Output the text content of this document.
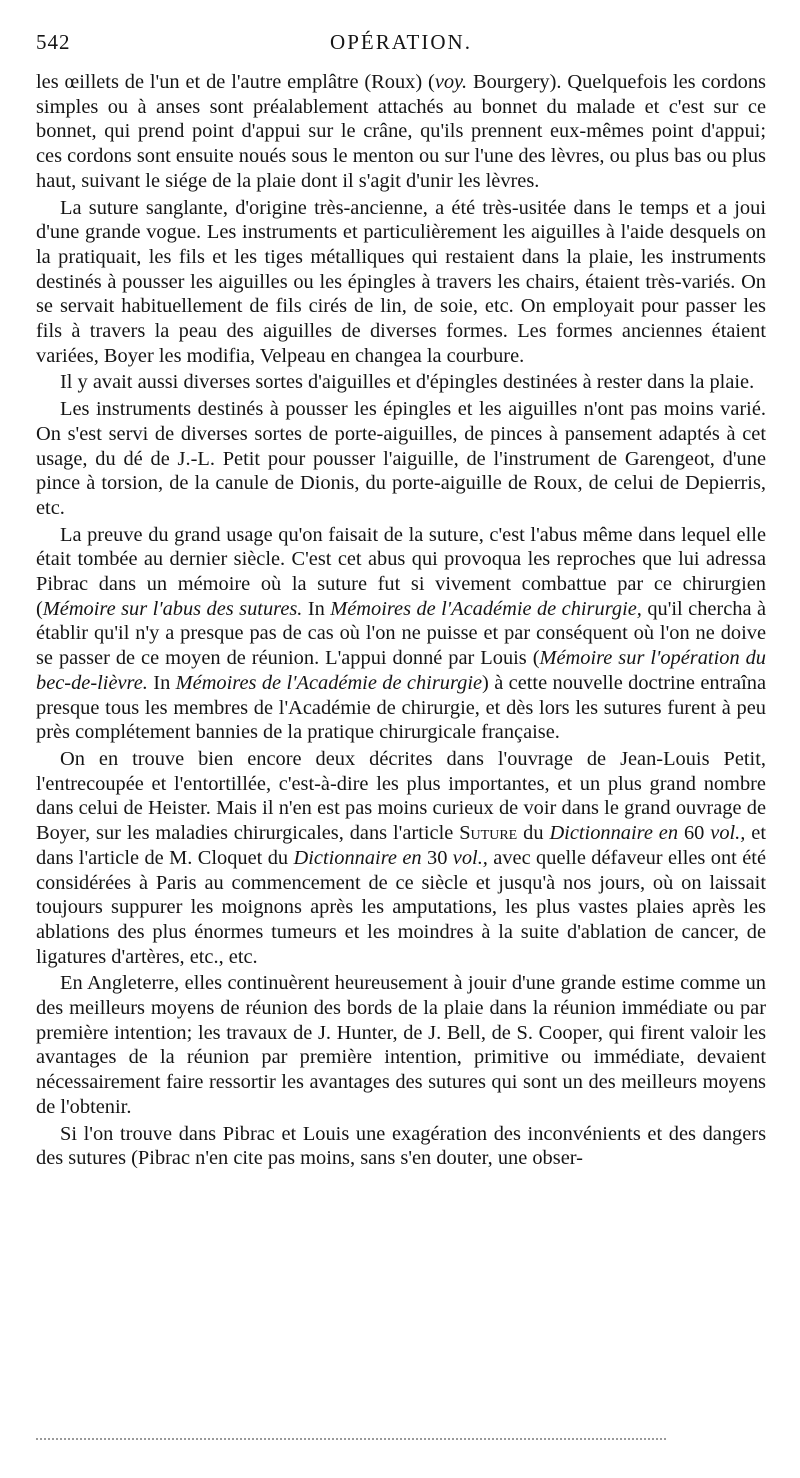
542	OPÉRATION.

les œillets de l'un et de l'autre emplâtre (Roux) (voy. Bourgery). Quelquefois les cordons simples ou à anses sont préalablement attachés au bonnet du malade et c'est sur ce bonnet, qui prend point d'appui sur le crâne, qu'ils prennent eux-mêmes point d'appui; ces cordons sont ensuite noués sous le menton ou sur l'une des lèvres, ou plus bas ou plus haut, suivant le siége de la plaie dont il s'agit d'unir les lèvres.

La suture sanglante, d'origine très-ancienne, a été très-usitée dans le temps et a joui d'une grande vogue. Les instruments et particulièrement les aiguilles à l'aide desquels on la pratiquait, les fils et les tiges métalliques qui restaient dans la plaie, les instruments destinés à pousser les aiguilles ou les épingles à travers les chairs, étaient très-variés. On se servait habituellement de fils cirés de lin, de soie, etc. On employait pour passer les fils à travers la peau des aiguilles de diverses formes. Les formes anciennes étaient variées, Boyer les modifia, Velpeau en changea la courbure.

Il y avait aussi diverses sortes d'aiguilles et d'épingles destinées à rester dans la plaie.

Les instruments destinés à pousser les épingles et les aiguilles n'ont pas moins varié. On s'est servi de diverses sortes de porte-aiguilles, de pinces à pansement adaptés à cet usage, du dé de J.-L. Petit pour pousser l'aiguille, de l'instrument de Garengeot, d'une pince à torsion, de la canule de Dionis, du porte-aiguille de Roux, de celui de Depierris, etc.

La preuve du grand usage qu'on faisait de la suture, c'est l'abus même dans lequel elle était tombée au dernier siècle. C'est cet abus qui provoqua les reproches que lui adressa Pibrac dans un mémoire où la suture fut si vivement combattue par ce chirurgien (Mémoire sur l'abus des sutures. In Mémoires de l'Académie de chirurgie, qu'il chercha à établir qu'il n'y a presque pas de cas où l'on ne puisse et par conséquent où l'on ne doive se passer de ce moyen de réunion. L'appui donné par Louis (Mémoire sur l'opération du bec-de-lièvre. In Mémoires de l'Académie de chirurgie) à cette nouvelle doctrine entraîna presque tous les membres de l'Académie de chirurgie, et dès lors les sutures furent à peu près complétement bannies de la pratique chirurgicale française.

On en trouve bien encore deux décrites dans l'ouvrage de Jean-Louis Petit, l'entrecoupée et l'entortillée, c'est-à-dire les plus importantes, et un plus grand nombre dans celui de Heister. Mais il n'en est pas moins curieux de voir dans le grand ouvrage de Boyer, sur les maladies chirurgicales, dans l'article Suture du Dictionnaire en 60 vol., et dans l'article de M. Cloquet du Dictionnaire en 30 vol., avec quelle défaveur elles ont été considérées à Paris au commencement de ce siècle et jusqu'à nos jours, où on laissait toujours suppurer les moignons après les amputations, les plus vastes plaies après les ablations des plus énormes tumeurs et les moindres à la suite d'ablation de cancer, de ligatures d'artères, etc., etc.

En Angleterre, elles continuèrent heureusement à jouir d'une grande estime comme un des meilleurs moyens de réunion des bords de la plaie dans la réunion immédiate ou par première intention; les travaux de J. Hunter, de J. Bell, de S. Cooper, qui firent valoir les avantages de la réunion par première intention, primitive ou immédiate, devaient nécessairement faire ressortir les avantages des sutures qui sont un des meilleurs moyens de l'obtenir.

Si l'on trouve dans Pibrac et Louis une exagération des inconvénients et des dangers des sutures (Pibrac n'en cite pas moins, sans s'en douter, une obser-
